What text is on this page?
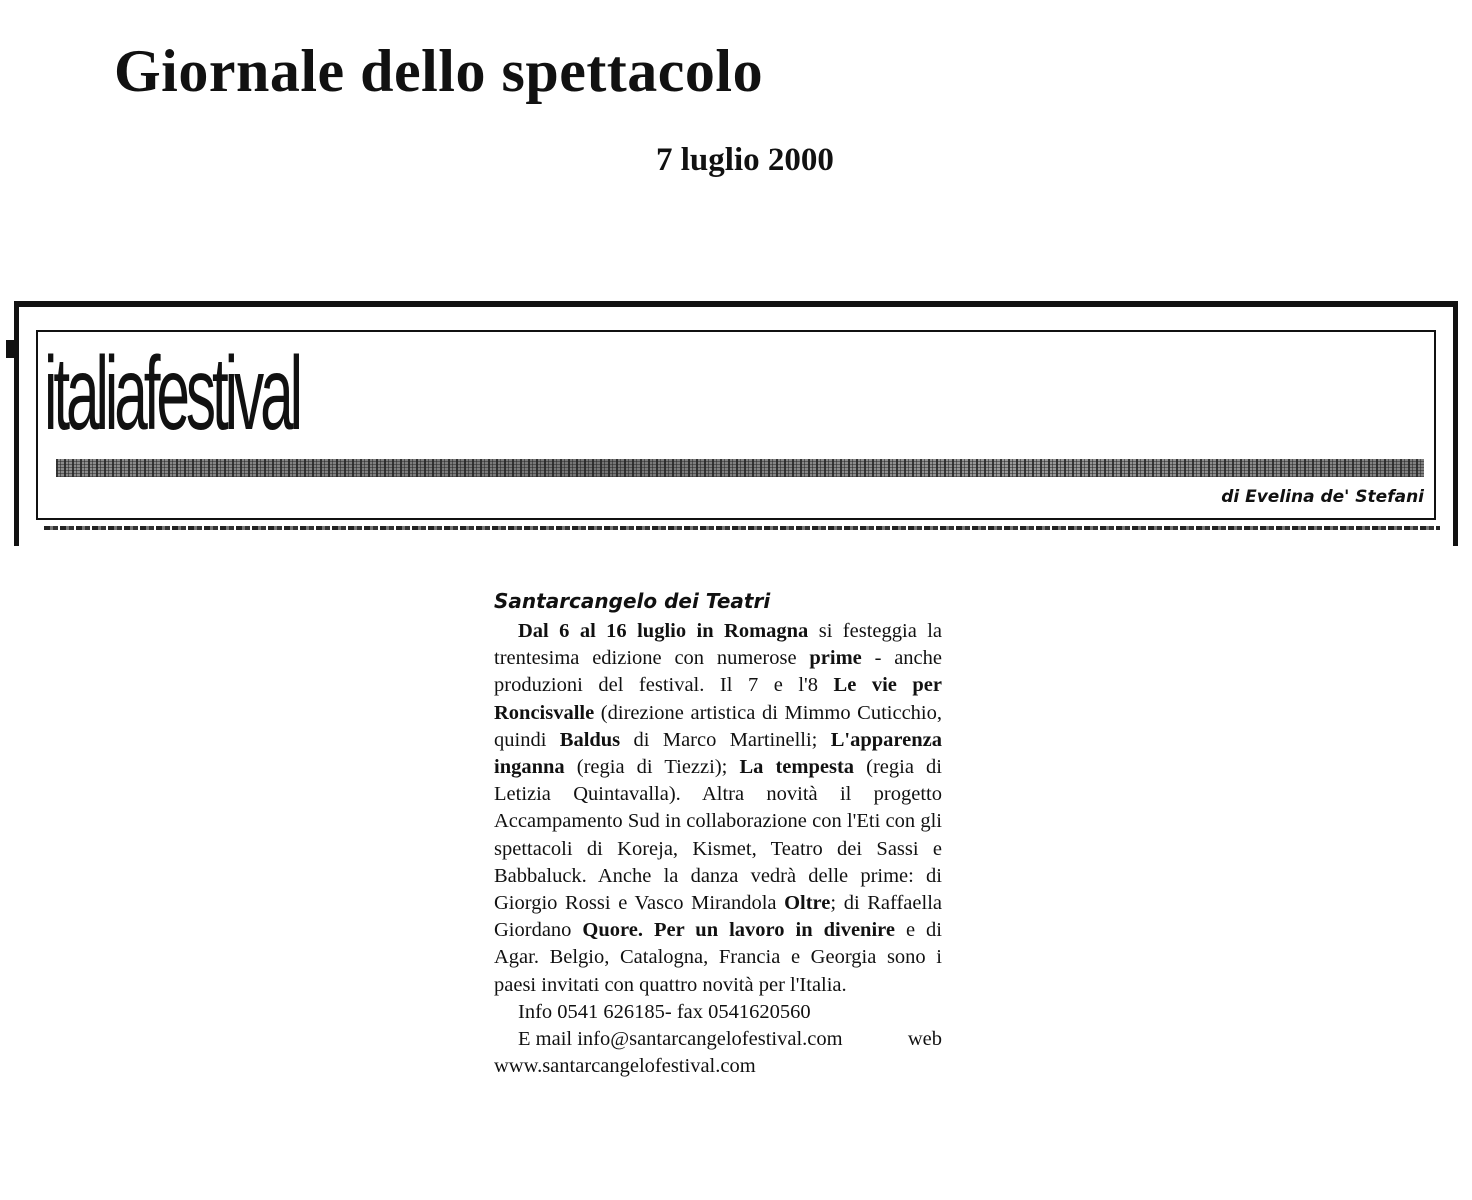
Giornale dello spettacolo
7 luglio 2000
italiafestival
di Evelina de' Stefani
Santarcangelo dei Teatri

Dal 6 al 16 luglio in Romagna si festeggia la trentesima edizione con numerose prime - anche produzioni del festival. Il 7 e l'8 Le vie per Roncisvalle (direzione artistica di Mimmo Cuticchio, quindi Baldus di Marco Martinelli; L'apparenza inganna (regia di Tiezzi); La tempesta (regia di Letizia Quintavalla). Altra novità il progetto Accampamento Sud in collaborazione con l'Eti con gli spettacoli di Koreja, Kismet, Teatro dei Sassi e Babbaluck. Anche la danza vedrà delle prime: di Giorgio Rossi e Vasco Mirandola Oltre; di Raffaella Giordano Quore. Per un lavoro in divenire e di Agar. Belgio, Catalogna, Francia e Georgia sono i paesi invitati con quattro novità per l'Italia.

Info 0541 626185- fax 0541620560
E mail info@santarcangelofestival.com	web
www.santarcangelofestival.com
